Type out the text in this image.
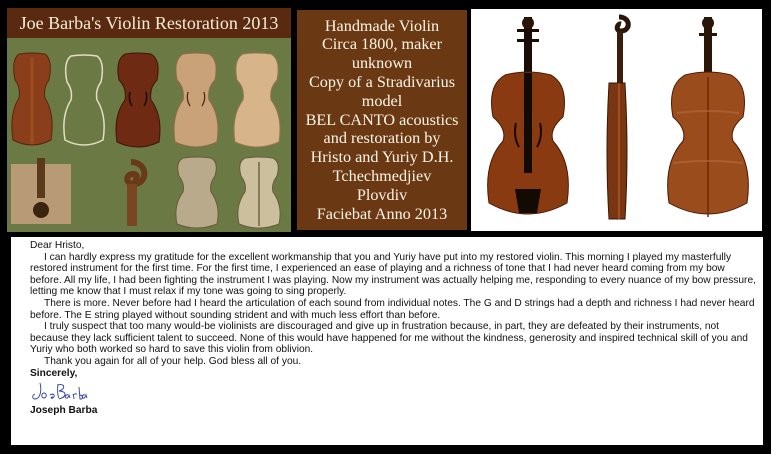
Joe Barba's Violin Restoration 2013	Handmade Violin
Circa 1800, maker
unknown
Copy of a Stradivarius
model
BEL CANTO acoustics
and restoration by
Hristo and Yuriy D.H.
Tchechmedjiev
Plovdiv
Faciebat Anno 2013

Dear Hristo,

I can hardly express my gratitude for the excellent workmanship that you and Yuriy have put into my restored violin. This morning I played my masterfully restored instrument for the first time. For the first time, I experienced an ease of playing and a richness of tone that I had never heard coming from my bow before. All my life, I had been fighting the instrument I was playing. Now my instrument was actually helping me, responding to every nuance of my bow pressure, letting me know that I must relax if my tone was going to sing properly.

There is more. Never before had I heard the articulation of each sound from individual notes. The G and D strings had a depth and richness I had never heard before. The E string played without sounding strident and with much less effort than before.

I truly suspect that too many would-be violinists are discouraged and give up in frustration because, in part, they are defeated by their instruments, not because they lack sufficient talent to succeed. None of this would have happened for me without the kindness, generosity and inspired technical skill of you and Yuriy who both worked so hard to save this violin from oblivion.

Thank you again for all of your help. God bless all of you.

Sincerely,

Joseph Barba
